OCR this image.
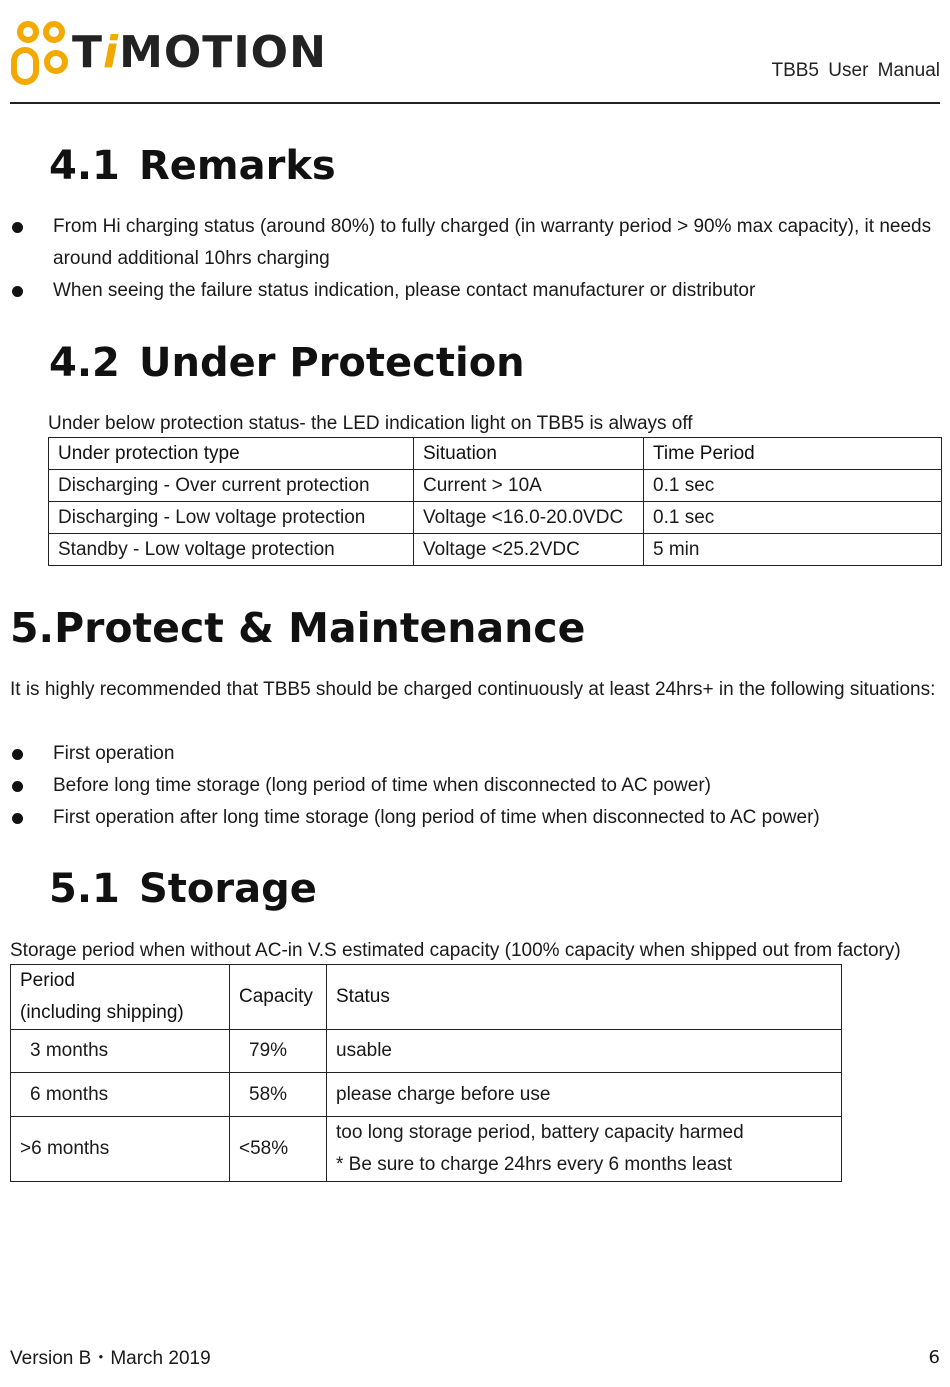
TiMOTION	TBB5 User Manual
4.1 Remarks
From Hi charging status (around 80%) to fully charged (in warranty period > 90% max capacity), it needs around additional 10hrs charging
When seeing the failure status indication, please contact manufacturer or distributor
4.2 Under Protection

Under below protection status- the LED indication light on TBB5 is always off

Under protection type	Situation	Time Period
Discharging - Over current protection	Current > 10A	0.1 sec
Discharging - Low voltage protection	Voltage <16.0-20.0VDC	0.1 sec
Standby - Low voltage protection	Voltage <25.2VDC	5 min
5.Protect & Maintenance

It is highly recommended that TBB5 should be charged continuously at least 24hrs+ in the following situations:

First operation
Before long time storage (long period of time when disconnected to AC power)
First operation after long time storage (long period of time when disconnected to AC power)
5.1 Storage

Storage period when without AC-in V.S estimated capacity (100% capacity when shipped out from factory)

Period
(including shipping)	Capacity	Status
3 months	79%	usable
6 months	58%	please charge before use
>6 months	<58%	too long storage period, battery capacity harmed
* Be sure to charge 24hrs every 6 months least
Version B・March 2019	6
